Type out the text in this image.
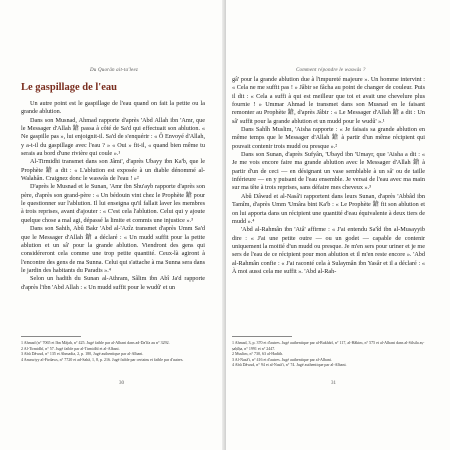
Du Quorân ait-ta'leez
Le gaspillage de l'eau

Un autre point est le gaspillage de l'eau quand on fait la petite ou la grande ablution.

Dans son Musnad, Ahmad rapporte d'après 'Abd Allah ibn 'Amr, que le Messager d'Allah 鎗 passa à côté de Sa'd qui effectuait son ablution. « Ne gaspille pas », lui enjoignit-il. Sa'd de s'enquérir : « Ô Envoyé d'Allah, y a-t-il du gaspillage avec l'eau ? » « Oui » fit-il, « quand bien même tu serais au bord d'une rivière qui coule ».¹

Al-Tirmidhi transmet dans son Jâmi', d'après Ubayy ibn Ka'b, que le Prophète 鎗 a dit : « L'ablution est exposée à un diable dénommé al-Walahân. Craignez donc le waswâs de l'eau ! »²

D'après le Musnad et le Sunan, 'Amr ibn Shu'ayb rapporte d'après son père, d'après son grand-père : « Un bédouin vint chez le Prophète 鎗 pour le questionner sur l'ablution. Il lui enseigna qu'il fallait laver les membres à trois reprises, avant d'ajouter : « C'est cela l'ablution. Celui qui y ajoute quelque chose a mal agi, dépassé la limite et commis une injustice ».³

Dans son Sahih, Abû Bakr 'Abd al-'Azîz transmet d'après Umm Sa'd que le Messager d'Allah 鎗 a déclaré : « Un mudd suffit pour la petite ablution et un sâ' pour la grande ablution. Viendront des gens qui considéreront cela comme une trop petite quantité. Ceux-là agiront à l'encontre des gens de ma Sunna. Celui qui s'attache à ma Sunna sera dans le jardin des habitants du Paradis ».⁴

Selon un hadith du Sunan al-Athram, Sâlim ibn Abî Ja'd rapporte d'après l'ibn 'Abd Allah : « Un mudd suffit pour le wudû' et un

1 Ahmad (n° 7065 et Ibn Mâjah, n° 425. Jugé faible par al-Albani dans ad-Da'îfa au n° 3292.

2 Al-Tirmidhî, n° 57. Jugé faible par al-Tirmidhî et al-Albani.

3 Abû Dâwud, n° 135 et Ahmadia, 2, p. 180, Jugé authentique par al-Albani.

4 Amawiyy al-Firdaws, n° 7720 et ad-Sahâ, 1, 8, p. 216. Jugé faible par certains et faible par d'autres.

30
Comment répondre le waswâs ?

gâ' pour la grande ablution due à l'impureté majeure ». Un homme intervint : « Cela ne me suffit pas ! » Jâbir se fâcha au point de changer de couleur. Puis il dit : « Cela a suffi à qui est meilleur que toi et avait une chevelure plus fournie ! » Ummar Ahmad le transmet dans son Musnad en le faisant remonter au Prophète 鎗, d'après Jâbir : « Le Messager d'Allah 鎗 a dit : Un sâ' suffit pour la grande ablution et un mudd pour le wudû' ».¹

Dans Sahîh Muslim, 'Aisha rapporte : « Je faisais sa grande ablution en même temps que le Messager d'Allah 鎗 à partir d'un même récipient qui pouvait contenir trois mudd ou presque ».²

Dans son Sunan, d'après Sufyân, 'Ubayd ibn 'Umayr, que 'Aisha a dit : « Je me vois encore faire ma grande ablution avec le Messager d'Allah 鎗 à partir d'un de ceci — en désignant un vase semblable à un sâ' ou de taille inférieure — en y puisant de l'eau ensemble. Je versai de l'eau avec ma main sur ma tête à trois reprises, sans défaire mes cheveux ».³

Abû Dâwud et al-Nasâ'i rapportent dans leurs Sunan, d'après 'Abbâd ibn Tamîm, d'après Umm 'Umâra bint Ka'b : « Le Prophète 鎗 fit son ablution et on lui apporta dans un récipient une quantité d'eau équivalente à deux tiers de mudd ».⁴

'Abd al-Rahmân ibn 'Atâ' affirme : « J'ai entendu Sa'îd ibn al-Musayyib dire : « J'ai une petite outre — ou un godet — capable de contenir uniquement la moitié d'un mudd ou presque. Je m'en sers pour uriner et je me sers de l'eau de ce récipient pour mon ablution et il m'en reste encore ». 'Abd al-Rahmân confie : « J'ai raconté cela à Sulaymân ibn Yasâr et il a déclaré : « À moi aussi cela me suffit ». 'Abd al-Rah-

1 Ahmad, 3, p. 370 et d'autres. Jugé authentique par al-Bukhârî, n° 117, al-Hâkim, n° 575 et al-Albani dans al-Silsila aṣ-ṣaḥîḥa, n° 1991 et n° 2447.

2 Muslim, n° 730, 63 al-Hadith.

3 Al-Nasâ'i, n° 416 et d'autres. Jugé authentique par al-Albani.

4 Abû Dâwud, n° 94 et al-Nasâ'i, n° 74. Jugé authentique par al-Albani.

31
